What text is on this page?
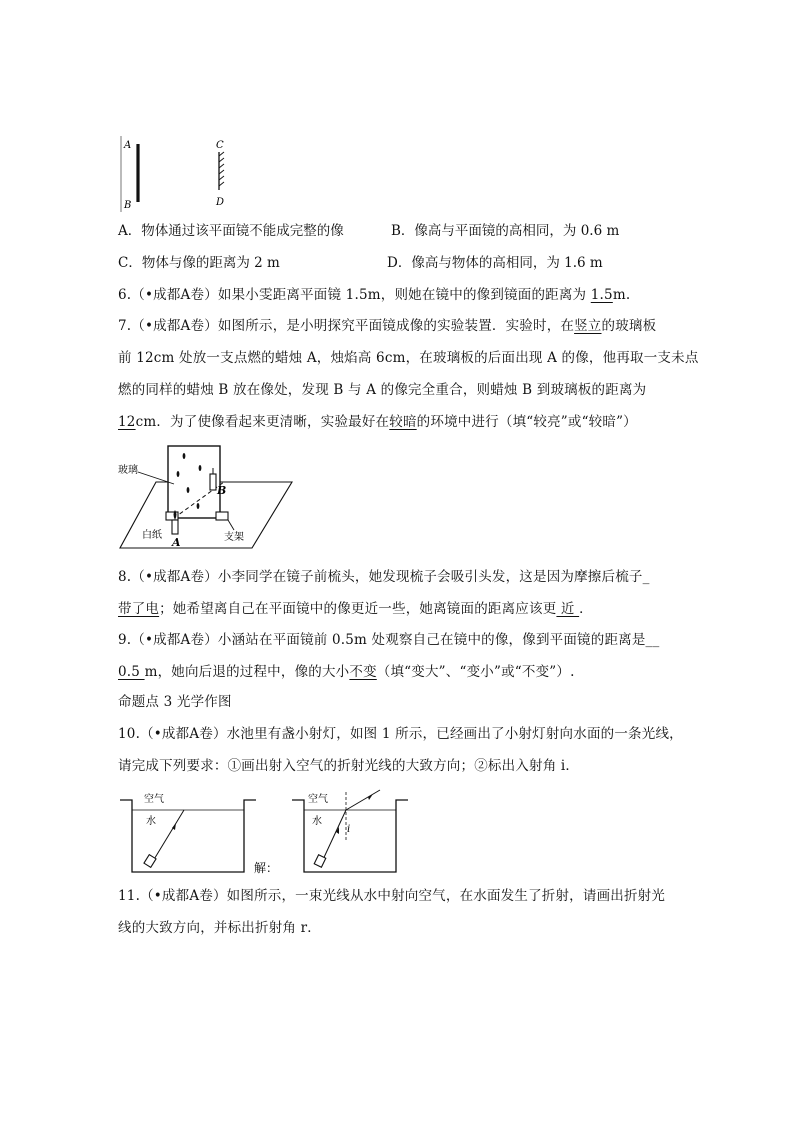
A
B
C
D
A．物体通过该平面镜不能成完整的像	B．像高与平面镜的高相同，为 0.6 m
C．物体与像的距离为 2 m	D．像高与物体的高相同，为 1.6 m
6.（•成都A卷）如果小雯距离平面镜 1.5m，则她在镜中的像到镜面的距离为 1.5m.
7.（•成都A卷）如图所示，是小明探究平面镜成像的实验装置．实验时，在竖立的玻璃板
前 12cm 处放一支点燃的蜡烛 A，烛焰高 6cm，在玻璃板的后面出现 A 的像，他再取一支未点
燃的同样的蜡烛 B 放在像处，发现 B 与 A 的像完全重合，则蜡烛 B 到玻璃板的距离为
12cm．为了使像看起来更清晰，实验最好在较暗的环境中进行（填“较亮”或“较暗”）
玻璃
白纸	支架
A
B
8.（•成都A卷）小李同学在镜子前梳头，她发现梳子会吸引头发，这是因为摩擦后梳子_
带了电；她希望离自己在平面镜中的像更近一些，她离镜面的距离应该更 近 ．
9.（•成都A卷）小涵站在平面镜前 0.5m 处观察自己在镜中的像，像到平面镜的距离是__
0.5 m，她向后退的过程中，像的大小不变（填“变大”、“变小”或“不变”）.
命题点 3 光学作图
10.（•成都A卷）水池里有盏小射灯，如图 1 所示，已经画出了小射灯射向水面的一条光线，
请完成下列要求：①画出射入空气的折射光线的大致方向；②标出入射角 i．
空气
水
空气
水
i
解：
11.（•成都A卷）如图所示，一束光线从水中射向空气，在水面发生了折射，请画出折射光
线的大致方向，并标出折射角 r．
